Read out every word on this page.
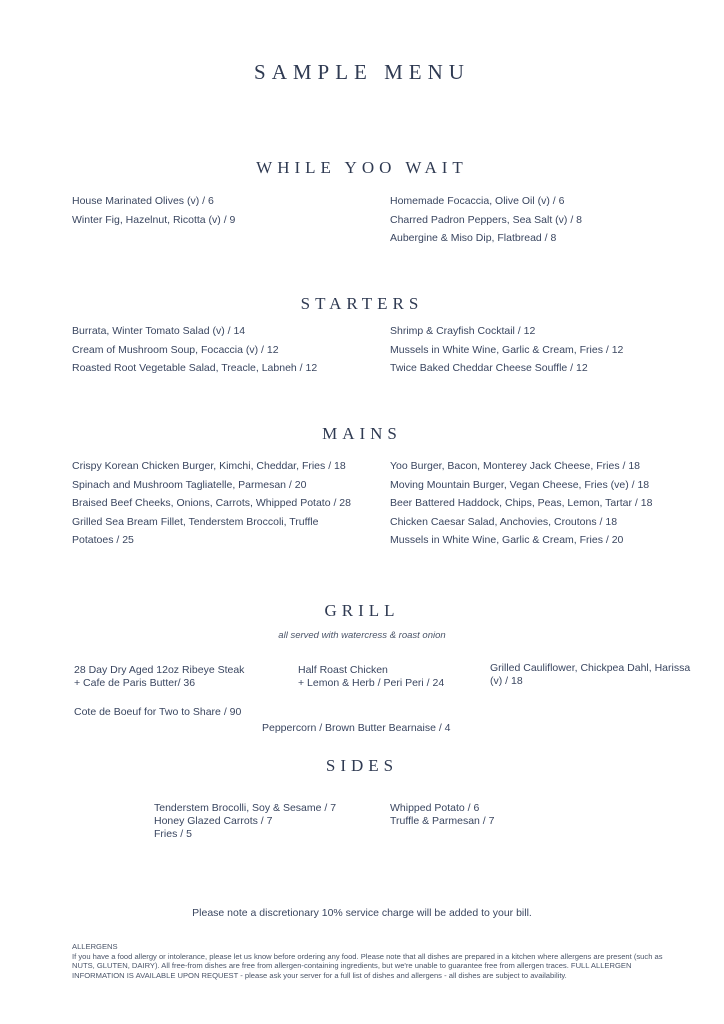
SAMPLE MENU
WHILE YOO WAIT
House Marinated Olives (v) / 6
Winter Fig, Hazelnut, Ricotta (v) / 9
Homemade Focaccia, Olive Oil (v) / 6
Charred Padron Peppers, Sea Salt (v) / 8
Aubergine & Miso Dip, Flatbread / 8
STARTERS
Burrata, Winter Tomato Salad (v) / 14
Cream of Mushroom Soup, Focaccia (v) / 12
Roasted Root Vegetable Salad, Treacle, Labneh / 12
Shrimp & Crayfish Cocktail / 12
Mussels in White Wine, Garlic & Cream, Fries / 12
Twice Baked Cheddar Cheese Souffle / 12
MAINS
Crispy Korean Chicken Burger, Kimchi, Cheddar, Fries / 18
Spinach and Mushroom Tagliatelle, Parmesan / 20
Braised Beef Cheeks, Onions, Carrots, Whipped Potato / 28
Grilled Sea Bream Fillet, Tenderstem Broccoli, Truffle
Potatoes / 25
Yoo Burger, Bacon, Monterey Jack Cheese, Fries / 18
Moving Mountain Burger, Vegan Cheese, Fries (ve) / 18
Beer Battered Haddock, Chips, Peas, Lemon, Tartar / 18
Chicken Caesar Salad, Anchovies, Croutons / 18
Mussels in White Wine, Garlic & Cream, Fries / 20
GRILL
all served with watercress & roast onion
28 Day Dry Aged 12oz Ribeye Steak
+ Cafe de Paris Butter/ 36
Half Roast Chicken
+ Lemon & Herb / Peri Peri / 24
Grilled Cauliflower, Chickpea Dahl, Harissa
(v) / 18
Cote de Boeuf for Two to Share / 90
Peppercorn / Brown Butter Bearnaise / 4
SIDES
Tenderstem Brocolli, Soy & Sesame / 7
Honey Glazed Carrots / 7
Fries / 5
Whipped Potato / 6
Truffle & Parmesan / 7
Please note a discretionary 10% service charge will be added to your bill.
ALLERGENS
If you have a food allergy or intolerance, please let us know before ordering any food. Please note that all dishes are prepared in a kitchen where allergens are present (such as NUTS, GLUTEN, DAIRY). All free-from dishes are free from allergen-containing ingredients, but we're unable to guarantee free from allergen traces. FULL ALLERGEN INFORMATION IS AVAILABLE UPON REQUEST - please ask your server for a full list of dishes and allergens - all dishes are subject to availability.
